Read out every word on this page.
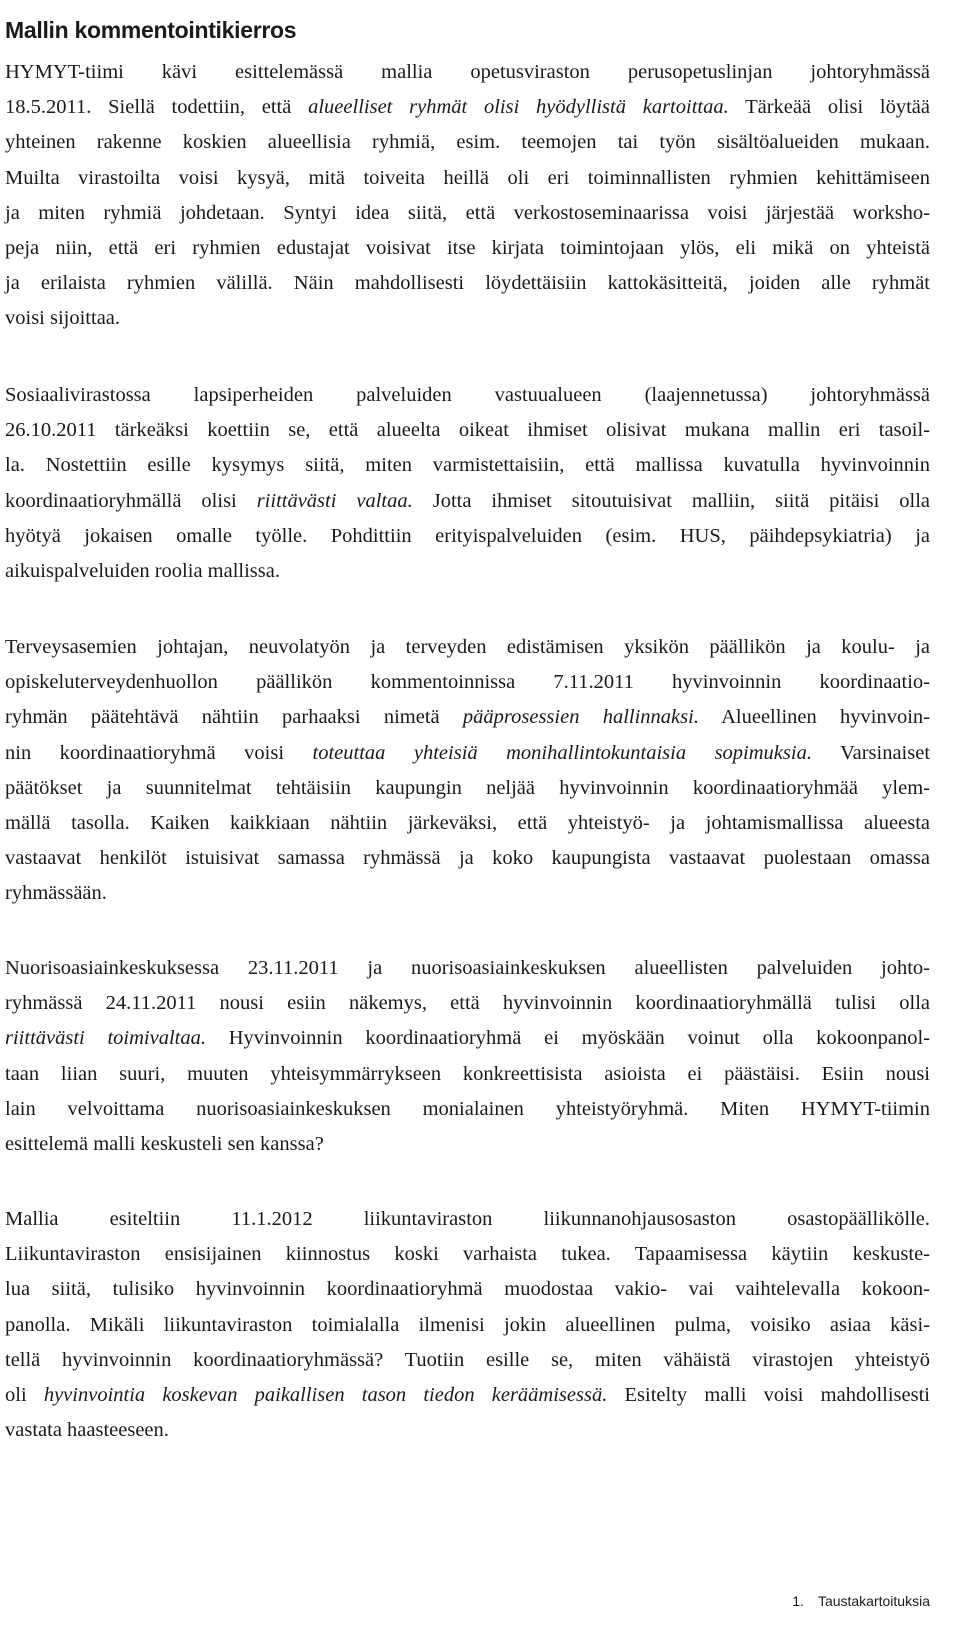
Mallin kommentointikierros
HYMYT-tiimi kävi esittelemässä mallia opetusviraston perusopetuslinjan johtoryhmässä
18.5.2011. Siellä todettiin, että alueelliset ryhmät olisi hyödyllistä kartoittaa. Tärkeää olisi löytää
yhteinen rakenne koskien alueellisia ryhmiä, esim. teemojen tai työn sisältöalueiden mukaan.
Muilta virastoilta voisi kysyä, mitä toiveita heillä oli eri toiminnallisten ryhmien kehittämiseen
ja miten ryhmiä johdetaan. Syntyi idea siitä, että verkostoseminaarissa voisi järjestää worksho-
peja niin, että eri ryhmien edustajat voisivat itse kirjata toimintojaan ylös, eli mikä on yhteistä
ja erilaista ryhmien välillä. Näin mahdollisesti löydettäisiin kattokäsitteitä, joiden alle ryhmät
voisi sijoittaa.
Sosiaalivirastossa lapsiperheiden palveluiden vastuualueen (laajennetussa) johtoryhmässä
26.10.2011 tärkeäksi koettiin se, että alueelta oikeat ihmiset olisivat mukana mallin eri tasoil-
la. Nostettiin esille kysymys siitä, miten varmistettaisiin, että mallissa kuvatulla hyvinvoinnin
koordinaatioryhmällä olisi riittävästi valtaa. Jotta ihmiset sitoutuisivat malliin, siitä pitäisi olla
hyötyä jokaisen omalle työlle. Pohdittiin erityispalveluiden (esim. HUS, päihdepsykiatria) ja
aikuispalveluiden roolia mallissa.
Terveysasemien johtajan, neuvolatyön ja terveyden edistämisen yksikön päällikön ja koulu- ja
opiskeluterveydenhuollon päällikön kommentoinnissa 7.11.2011 hyvinvoinnin koordinaatio-
ryhmän päätehtävä nähtiin parhaaksi nimetä pääprosessien hallinnaksi. Alueellinen hyvinvoin-
nin koordinaatioryhmä voisi toteuttaa yhteisiä monihallintokuntaisia sopimuksia. Varsinaiset
päätökset ja suunnitelmat tehtäisiin kaupungin neljää hyvinvoinnin koordinaatioryhmää ylem-
mällä tasolla. Kaiken kaikkiaan nähtiin järkeväksi, että yhteistyö- ja johtamismallissa alueesta
vastaavat henkilöt istuisivat samassa ryhmässä ja koko kaupungista vastaavat puolestaan omassa
ryhmässään.
Nuorisoasiainkeskuksessa 23.11.2011 ja nuorisoasiainkeskuksen alueellisten palveluiden johto-
ryhmässä 24.11.2011 nousi esiin näkemys, että hyvinvoinnin koordinaatioryhmällä tulisi olla
riittävästi toimivaltaa. Hyvinvoinnin koordinaatioryhmä ei myöskään voinut olla kokoonpanol-
taan liian suuri, muuten yhteisymmärrykseen konkreettisista asioista ei päästäisi. Esiin nousi
lain velvoittama nuorisoasiainkeskuksen monialainen yhteistyöryhmä. Miten HYMYT-tiimin
esittelemä malli keskusteli sen kanssa?
Mallia esiteltiin 11.1.2012 liikuntaviraston liikunnanohjausosaston osastopäällikölle.
Liikuntaviraston ensisijainen kiinnostus koski varhaista tukea. Tapaamisessa käytiin keskuste-
lua siitä, tulisiko hyvinvoinnin koordinaatioryhmä muodostaa vakio- vai vaihtelevalla kokoon-
panolla. Mikäli liikuntaviraston toimialalla ilmenisi jokin alueellinen pulma, voisiko asiaa käsi-
tellä hyvinvoinnin koordinaatioryhmässä? Tuotiin esille se, miten vähäistä virastojen yhteistyö
oli hyvinvointia koskevan paikallisen tason tiedon keräämisessä. Esitelty malli voisi mahdollisesti
vastata haasteeseen.
1. Taustakartoituksia
